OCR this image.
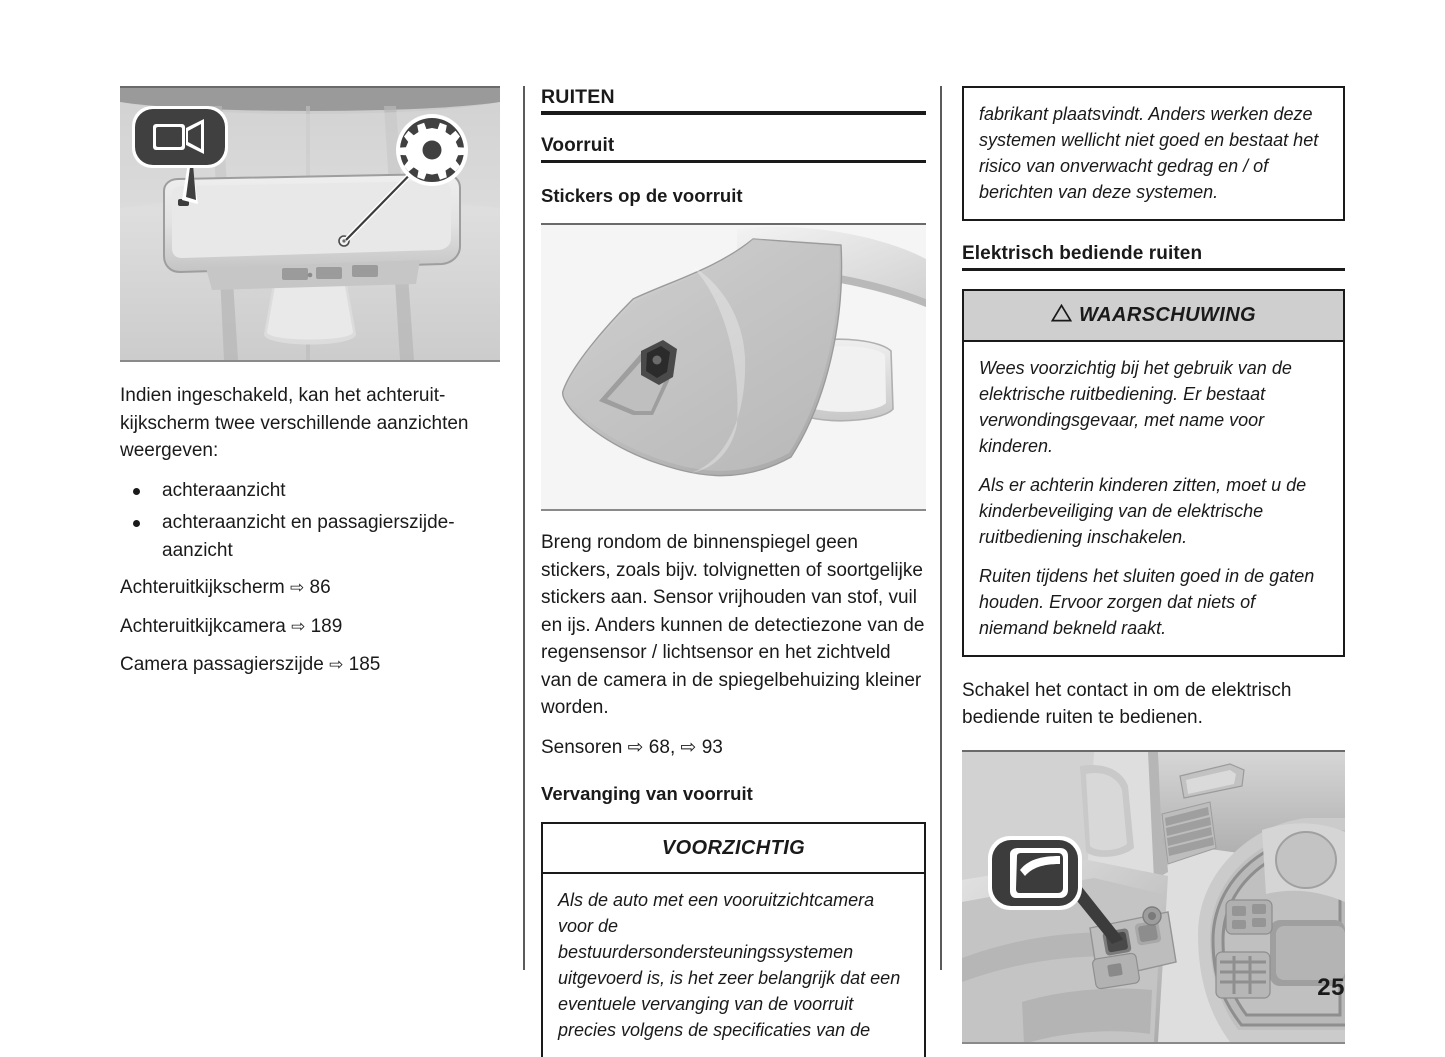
Indien ingeschakeld, kan het achteruitkijkscherm twee verschillende aanzichten weergeven:

achteraanzicht
achteraanzicht en passagierszijde-aanzicht
Achteruitkijkscherm ⇨ 86
Achteruitkijkcamera ⇨ 189
Camera passagierszijde ⇨ 185
RUITEN
Voorruit
Stickers op de voorruit

Breng rondom de binnenspiegel geen stickers, zoals bijv. tolvignetten of soortgelijke stickers aan. Sensor vrijhouden van stof, vuil en ijs. Anders kunnen de detectiezone van de regensensor / lichtsensor en het zichtveld van de camera in de spiegelbehuizing kleiner worden.

Sensoren ⇨ 68, ⇨ 93
Vervanging van voorruit
VOORZICHTIG

Als de auto met een vooruitzichtcamera voor de bestuurdersondersteuningssystemen uitgevoerd is, is het zeer belangrijk dat een eventuele vervanging van de voorruit precies volgens de specificaties van de

fabrikant plaatsvindt. Anders werken deze systemen wellicht niet goed en bestaat het risico van onverwacht gedrag en / of berichten van deze systemen.

Elektrisch bediende ruiten
WAARSCHUWING

Wees voorzichtig bij het gebruik van de elektrische ruitbediening. Er bestaat verwondingsgevaar, met name voor kinderen.

Als er achterin kinderen zitten, moet u de kinderbeveiliging van de elektrische ruitbediening inschakelen.

Ruiten tijdens het sluiten goed in de gaten houden. Ervoor zorgen dat niets of niemand bekneld raakt.

Schakel het contact in om de elektrisch bediende ruiten te bedienen.

25
